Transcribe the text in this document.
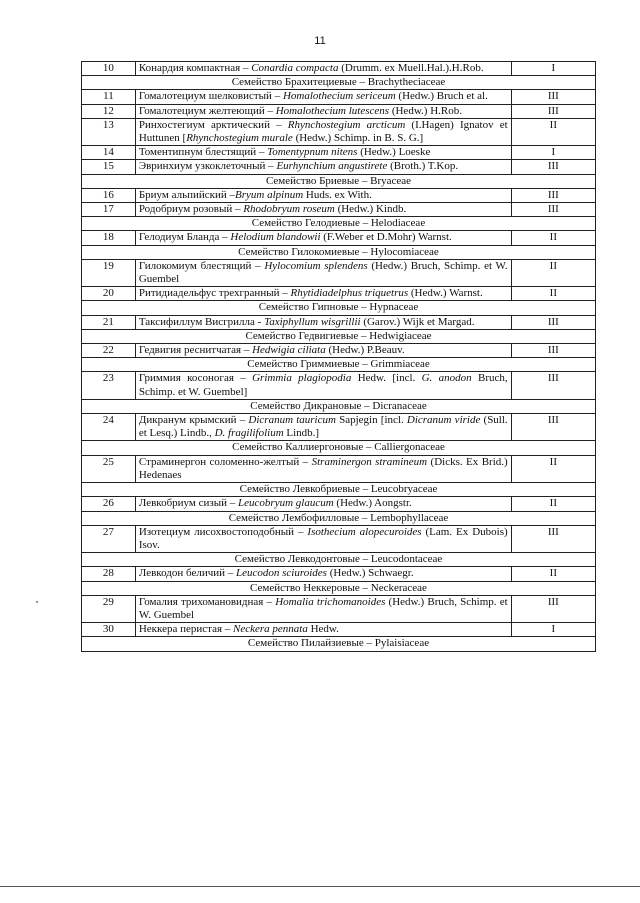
11
10	Конардия компактная – Conardia compacta (Drumm. ex Muell.Hal.).H.Rob.	I
Семейство Брахитециевые – Brachytheciaceae		
11	Гомалотециум шелковистый – Homalothecium sericeum (Hedw.) Bruch et al.	III
12	Гомалотециум желтеющий – Homalothecium lutescens (Hedw.) H.Rob.	III
13	Ринхостегиум арктический – Rhynchostegium arcticum (I.Hagen) Ignatov et Huttunen [Rhynchostegium murale (Hedw.) Schimp. in B. S. G.]	II
14	Томентипнум блестящий – Tomentypnum nitens (Hedw.) Loeske	I
15	Эвринхиум узкоклеточный – Eurhynchium angustirete (Broth.) T.Kop.	III
Семейство Бриевые – Bryaceae		
16	Бриум альпийский –Bryum alpinum Huds. ex With.	III
17	Родобриум розовый – Rhodobryum roseum (Hedw.) Kindb.	III
Семейство Гелодиевые – Helodiaceae		
18	Гелодиум Бланда – Helodium blandowii (F.Weber et D.Mohr) Warnst.	II
Семейство Гилокомиевые – Hylocomiaceae		
19	Гилокомиум блестящий – Hylocomium splendens (Hedw.) Bruch, Schimp. et W. Guembel	II
20	Ритидиадельфус трехгранный – Rhytidiadelphus triquetrus (Hedw.) Warnst.	II
Семейство Гипновые – Hypnaceae		
21	Таксифиллум Висгрилла - Taxiphyllum wisgrillii (Garov.) Wijk et Margad.	III
Семейство Гедвигиевые – Hedwigiaceae		
22	Гедвигия реснитчатая – Hedwigia ciliata (Hedw.) P.Beauv.	III
Семейство Гриммиевые – Grimmiaceae		
23	Гриммия косоногая – Grimmia plagiopodia Hedw. [incl. G. anodon Bruch, Schimp. et W. Guembel]	III
Семейство Дикрановые – Dicranaceae		
24	Дикранум крымский – Dicranum tauricum Sapjegin [incl. Dicranum viride (Sull. et Lesq.) Lindb., D. fragilifolium Lindb.]	III
Семейство Каллиергоновые – Calliergonaceae		
25	Страминергон соломенно-желтый – Straminergon stramineum (Dicks. Ex Brid.) Hedenaes	II
Семейство Левкобриевые – Leucobryaceae		
26	Левкобриум сизый – Leucobryum glaucum (Hedw.) Aongstr.	II
Семейство Лембофилловые – Lembophyllaceae		
27	Изотециум лисохвостоподобный – Isothecium alopecuroides (Lam. Ex Dubois) Isov.	III
Семейство Левкодонтовые – Leucodontaceae		
28	Левкодон беличий – Leucodon sciuroides (Hedw.) Schwaegr.	II
Семейство Неккеровые – Neckeraceae		
29	Гомалия трихомановидная – Homalia trichomanoides (Hedw.) Bruch, Schimp. et W. Guembel	III
30	Неккера перистая – Neckera pennata Hedw.	I
Семейство Пилайзиевые – Pylaisiaceae		
